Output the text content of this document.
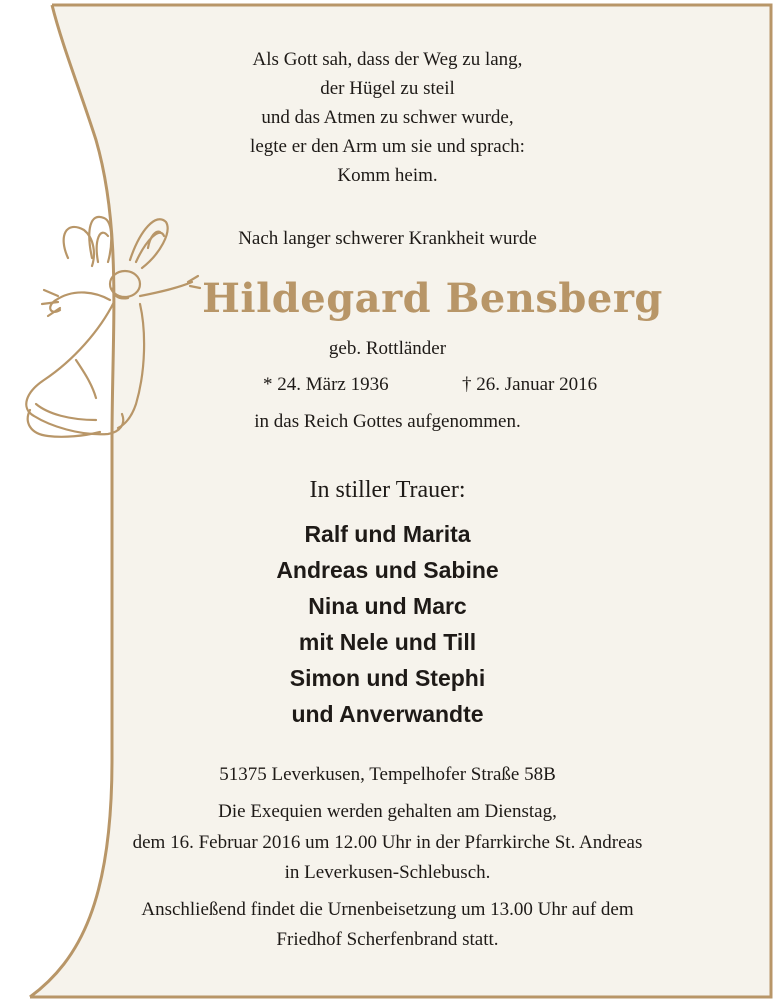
Als Gott sah, dass der Weg zu lang,
der Hügel zu steil
und das Atmen zu schwer wurde,
legte er den Arm um sie und sprach:
Komm heim.
Nach langer schwerer Krankheit wurde
Hildegard Bensberg
geb. Rottländer
* 24. März 1936	† 26. Januar 2016
in das Reich Gottes aufgenommen.
In stiller Trauer:
Ralf und Marita
Andreas und Sabine
Nina und Marc
mit Nele und Till
Simon und Stephi
und Anverwandte
51375 Leverkusen, Tempelhofer Straße 58B
Die Exequien werden gehalten am Dienstag,
dem 16. Februar 2016 um 12.00 Uhr in der Pfarrkirche St. Andreas
in Leverkusen-Schlebusch.
Anschließend findet die Urnenbeisetzung um 13.00 Uhr auf dem
Friedhof Scherfenbrand statt.
